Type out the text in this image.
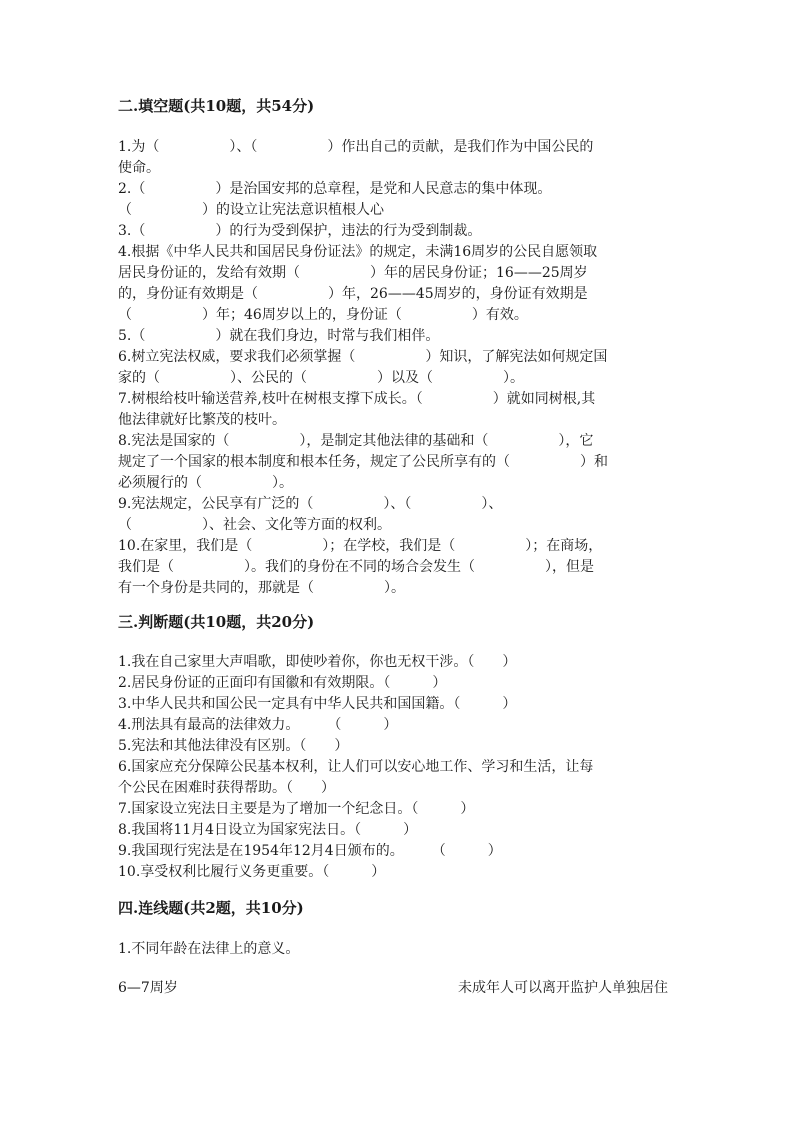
二.填空题(共10题，共54分)
1.为（　　　　　）、（　　　　　）作出自己的贡献，是我们作为中国公民的
使命。
2.（　　　　　）是治国安邦的总章程，是党和人民意志的集中体现。
（　　　　　）的设立让宪法意识植根人心
3.（　　　　　）的行为受到保护，违法的行为受到制裁。
4.根据《中华人民共和国居民身份证法》的规定，未满16周岁的公民自愿领取
居民身份证的，发给有效期（　　　　　）年的居民身份证；16——25周岁
的，身份证有效期是（　　　　　）年，26——45周岁的，身份证有效期是
（　　　　　）年；46周岁以上的，身份证（　　　　　）有效。
5.（　　　　　）就在我们身边，时常与我们相伴。
6.树立宪法权威，要求我们必须掌握（　　　　　）知识，了解宪法如何规定国
家的（　　　　　）、公民的（　　　　　）以及（　　　　　）。
7.树根给枝叶输送营养,枝叶在树根支撑下成长。（　　　　　）就如同树根,其
他法律就好比繁茂的枝叶。
8.宪法是国家的（　　　　　），是制定其他法律的基础和（　　　　　），它
规定了一个国家的根本制度和根本任务，规定了公民所享有的（　　　　　）和
必须履行的（　　　　　）。
9.宪法规定，公民享有广泛的（　　　　　）、（　　　　　）、
（　　　　　）、社会、文化等方面的权利。
10.在家里，我们是（　　　　　）；在学校，我们是（　　　　　）；在商场，
我们是（　　　　　）。我们的身份在不同的场合会发生（　　　　　），但是
有一个身份是共同的，那就是（　　　　　）。
三.判断题(共10题，共20分)
1.我在自己家里大声唱歌，即使吵着你，你也无权干涉。（　　）
2.居民身份证的正面印有国徽和有效期限。（　　　）
3.中华人民共和国公民一定具有中华人民共和国国籍。（　　　）
4.刑法具有最高的法律效力。　　　（　　　）
5.宪法和其他法律没有区别。（　　）
6.国家应充分保障公民基本权利，让人们可以安心地工作、学习和生活，让每
个公民在困难时获得帮助。（　　）
7.国家设立宪法日主要是为了增加一个纪念日。（　　　）
8.我国将11月4日设立为国家宪法日。（　　　）
9.我国现行宪法是在1954年12月4日颁布的。　　　（　　　）
10.享受权利比履行义务更重要。（　　　）
四.连线题(共2题，共10分)
1.不同年龄在法律上的意义。
6—7周岁	未成年人可以离开监护人单独居住
